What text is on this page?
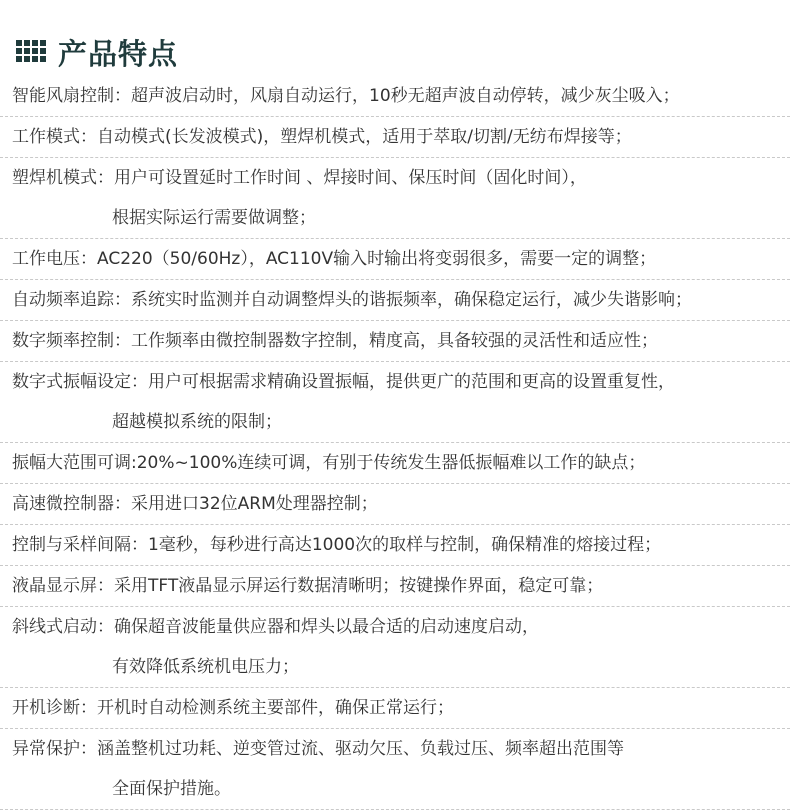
产品特点
智能风扇控制：超声波启动时，风扇自动运行，10秒无超声波自动停转，减少灰尘吸入；
工作模式：自动模式(长发波模式)，塑焊机模式，适用于萃取/切割/无纺布焊接等；
塑焊机模式：用户可设置延时工作时间 、焊接时间、保压时间（固化时间），
根据实际运行需要做调整；
工作电压：AC220（50/60Hz），AC110V输入时输出将变弱很多，需要一定的调整；
自动频率追踪：系统实时监测并自动调整焊头的谐振频率，确保稳定运行，减少失谐影响；
数字频率控制：工作频率由微控制器数字控制，精度高，具备较强的灵活性和适应性；
数字式振幅设定：用户可根据需求精确设置振幅，提供更广的范围和更高的设置重复性，
超越模拟系统的限制；
振幅大范围可调:20%~100%连续可调，有别于传统发生器低振幅难以工作的缺点；
高速微控制器：采用进口32位ARM处理器控制；
控制与采样间隔：1毫秒，每秒进行高达1000次的取样与控制，确保精准的熔接过程；
液晶显示屏：采用TFT液晶显示屏运行数据清晰明；按键操作界面，稳定可靠；
斜线式启动：确保超音波能量供应器和焊头以最合适的启动速度启动，
有效降低系统机电压力；
开机诊断：开机时自动检测系统主要部件，确保正常运行；
异常保护：涵盖整机过功耗、逆变管过流、驱动欠压、负载过压、频率超出范围等
全面保护措施。
